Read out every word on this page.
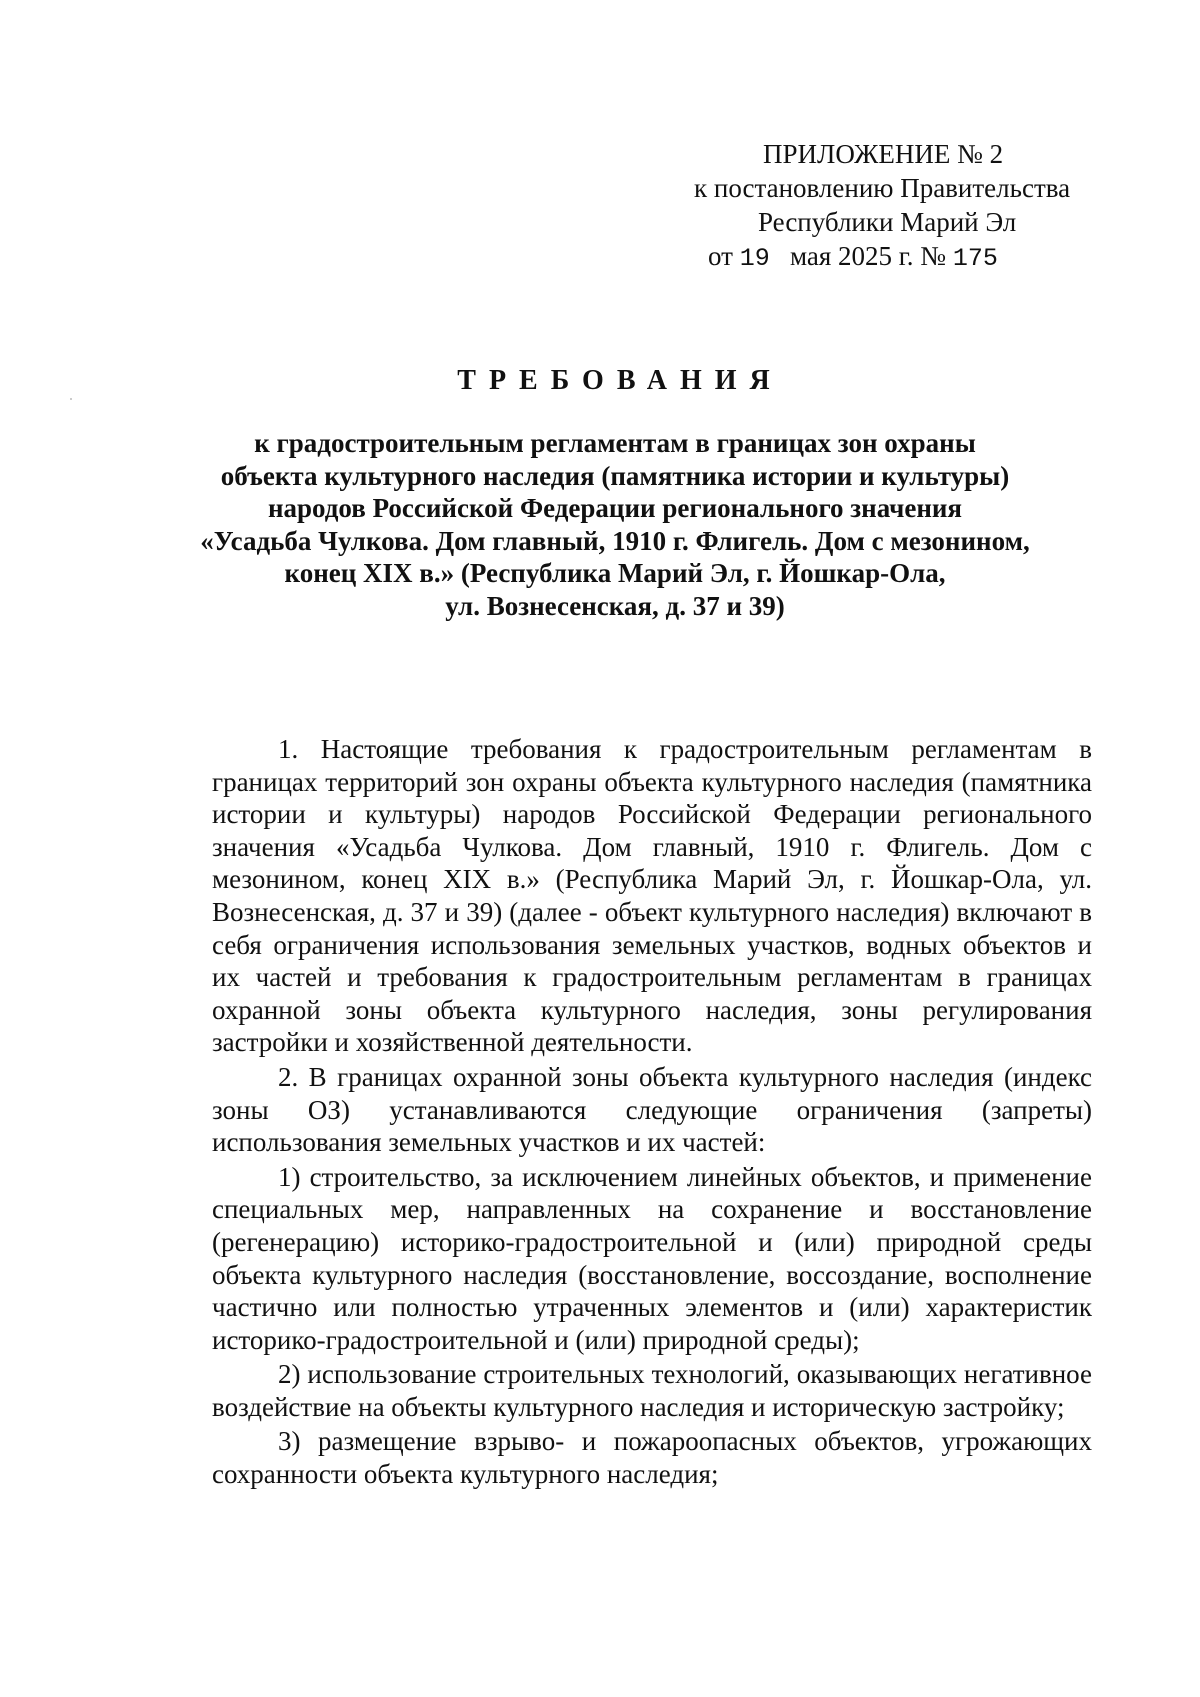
ПРИЛОЖЕНИЕ № 2
к постановлению Правительства
Республики Марий Эл
от 19 мая 2025 г. № 175
ТРЕБОВАНИЯ
к градостроительным регламентам в границах зон охраны
объекта культурного наследия (памятника истории и культуры)
народов Российской Федерации регионального значения
«Усадьба Чулкова. Дом главный, 1910 г. Флигель. Дом с мезонином,
конец XIX в.» (Республика Марий Эл, г. Йошкар-Ола,
ул. Вознесенская, д. 37 и 39)

1. Настоящие требования к градостроительным регламентам в границах территорий зон охраны объекта культурного наследия (памятника истории и культуры) народов Российской Федерации регионального значения «Усадьба Чулкова. Дом главный, 1910 г. Флигель. Дом с мезонином, конец XIX в.» (Республика Марий Эл, г. Йошкар-Ола, ул. Вознесенская, д. 37 и 39) (далее - объект культурного наследия) включают в себя ограничения использования земельных участков, водных объектов и их частей и требования к градостроительным регламентам в границах охранной зоны объекта культурного наследия, зоны регулирования застройки и хозяйственной деятельности.

2. В границах охранной зоны объекта культурного наследия (индекс зоны ОЗ) устанавливаются следующие ограничения (запреты) использования земельных участков и их частей:

1) строительство, за исключением линейных объектов, и применение специальных мер, направленных на сохранение и восстановление (регенерацию) историко-градостроительной и (или) природной среды объекта культурного наследия (восстановление, воссоздание, восполнение частично или полностью утраченных элементов и (или) характеристик историко-градостроительной и (или) природной среды);

2) использование строительных технологий, оказывающих негативное воздействие на объекты культурного наследия и историческую застройку;

3) размещение взрыво- и пожароопасных объектов, угрожающих сохранности объекта культурного наследия;
